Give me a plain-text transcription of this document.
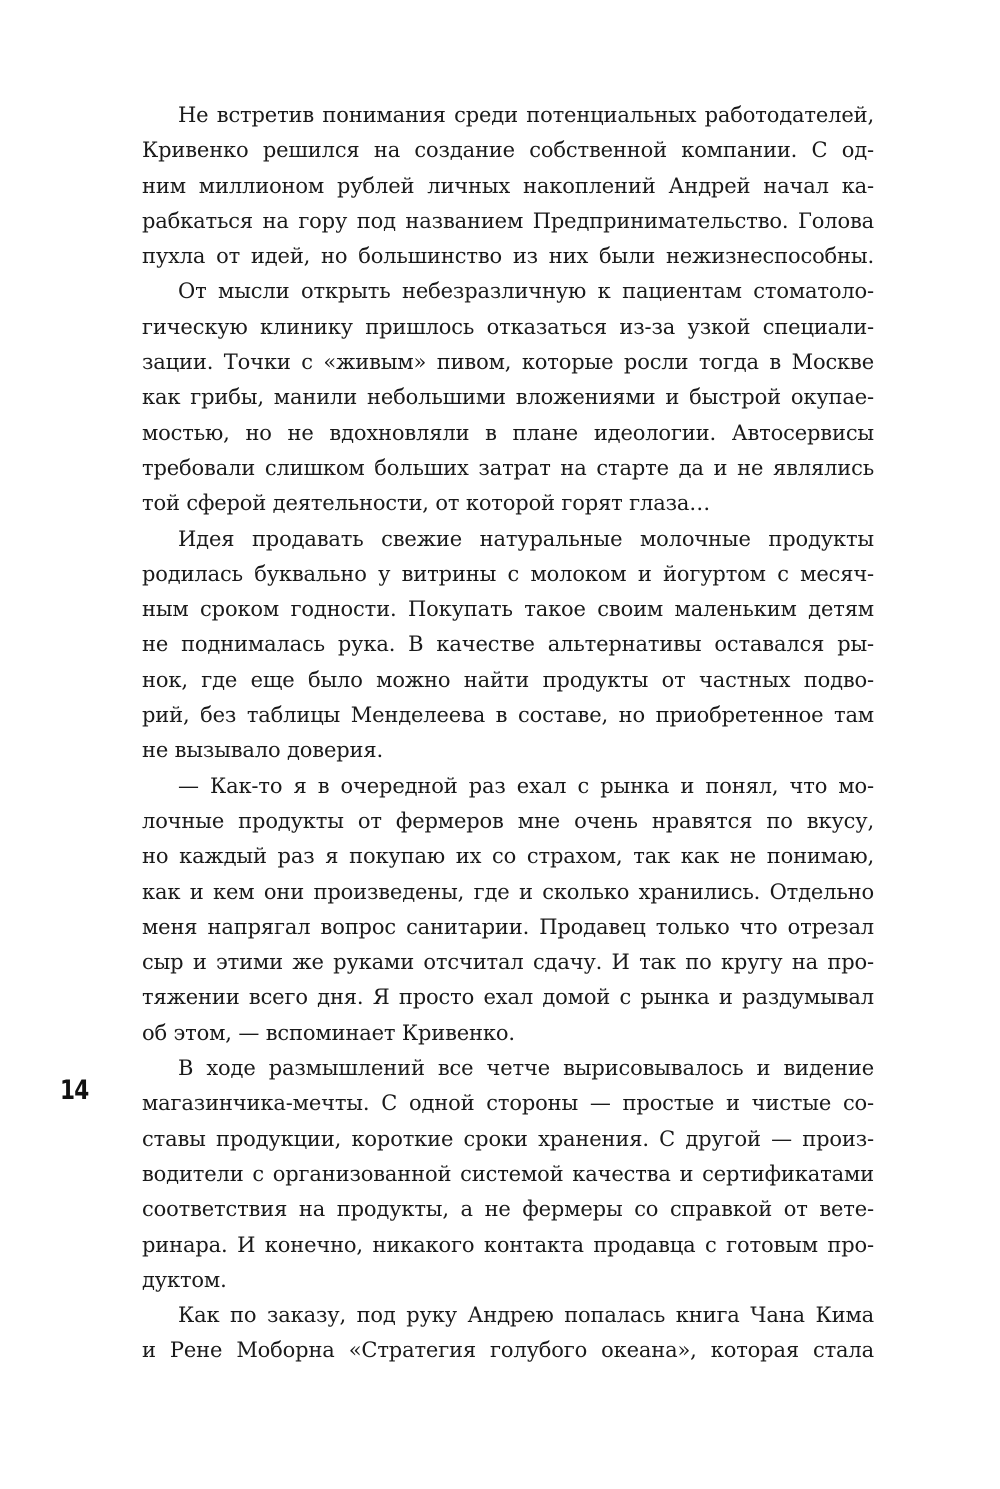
Не встретив понимания среди потенциальных работодателей,
Кривенко решился на создание собственной компании. С од-
ним миллионом рублей личных накоплений Андрей начал ка-
рабкаться на гору под названием Предпринимательство. Голова
пухла от идей, но большинство из них были нежизнеспособны.
От мысли открыть небезразличную к пациентам стоматоло-
гическую клинику пришлось отказаться из-за узкой специали-
зации. Точки с «живым» пивом, которые росли тогда в Москве
как грибы, манили небольшими вложениями и быстрой окупае-
мостью, но не вдохновляли в плане идеологии. Автосервисы
требовали слишком больших затрат на старте да и не являлись
той сферой деятельности, от которой горят глаза…
Идея продавать свежие натуральные молочные продукты
родилась буквально у витрины с молоком и йогуртом с месяч-
ным сроком годности. Покупать такое своим маленьким детям
не поднималась рука. В качестве альтернативы оставался ры-
нок, где еще было можно найти продукты от частных подво-
рий, без таблицы Менделеева в составе, но приобретенное там
не вызывало доверия.
— Как-то я в очередной раз ехал с рынка и понял, что мо-
лочные продукты от фермеров мне очень нравятся по вкусу,
но каждый раз я покупаю их со страхом, так как не понимаю,
как и кем они произведены, где и сколько хранились. Отдельно
меня напрягал вопрос санитарии. Продавец только что отрезал
сыр и этими же руками отсчитал сдачу. И так по кругу на про-
тяжении всего дня. Я просто ехал домой с рынка и раздумывал
об этом, — вспоминает Кривенко.
В ходе размышлений все четче вырисовывалось и видение
магазинчика-мечты. С одной стороны — простые и чистые со-
ставы продукции, короткие сроки хранения. С другой — произ-
водители с организованной системой качества и сертификатами
соответствия на продукты, а не фермеры со справкой от вете-
ринара. И конечно, никакого контакта продавца с готовым про-
дуктом.
Как по заказу, под руку Андрею попалась книга Чана Кима
и Рене Моборна «Стратегия голубого океана», которая стала
14
